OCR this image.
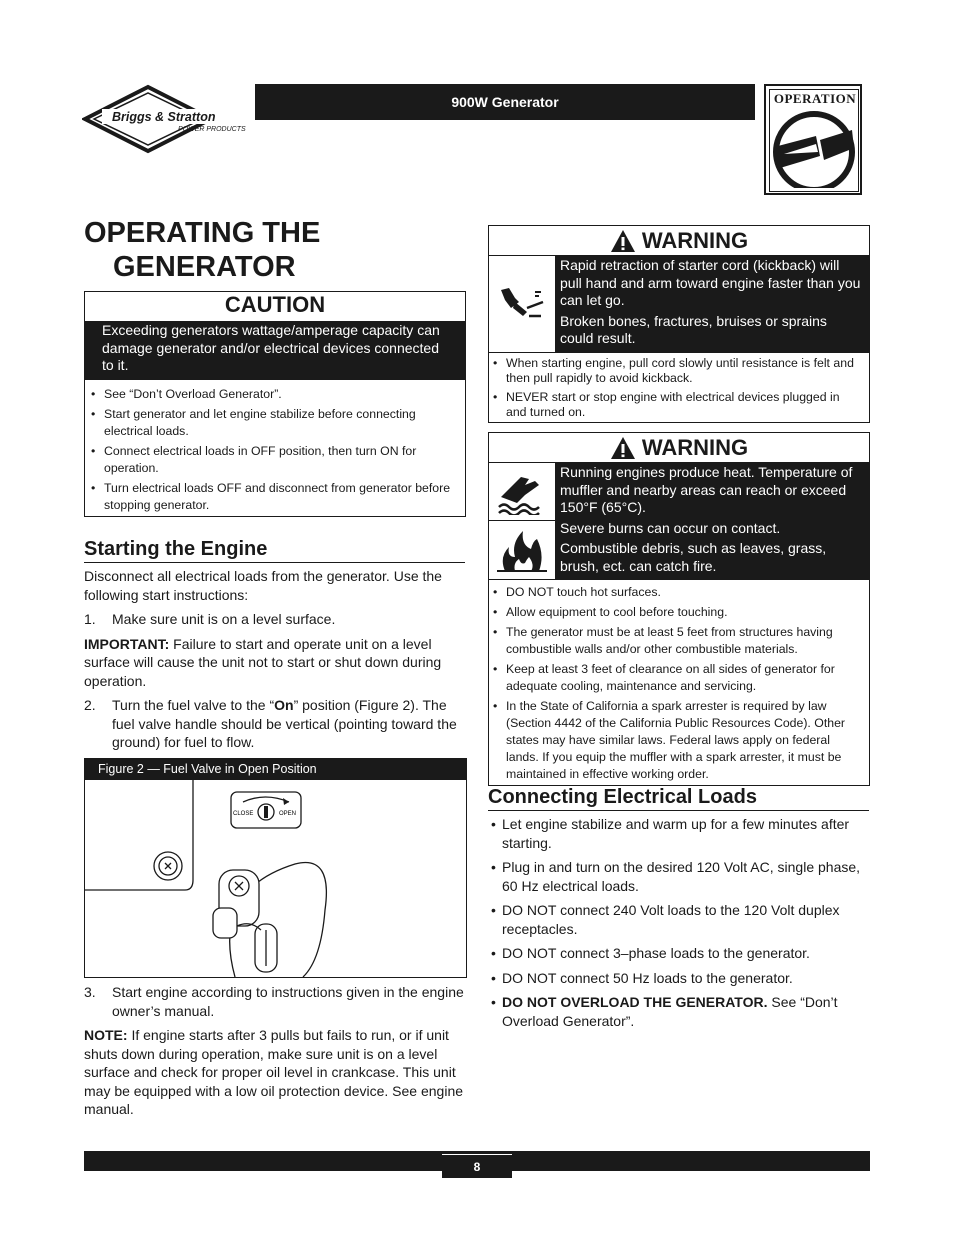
Briggs & Stratton
POWER PRODUCTS
900W Generator	OPERATION
OPERATING THE
GENERATOR
CAUTION
Exceeding generators wattage/amperage capacity can damage generator and/or electrical devices connected to it.
• See “Don’t Overload Generator”.
• Start generator and let engine stabilize before connecting electrical loads.
• Connect electrical loads in OFF position, then turn ON for operation.
• Turn electrical loads OFF and disconnect from generator before stopping generator.
Starting the Engine
Disconnect all electrical loads from the generator. Use the following start instructions:
1.	Make sure unit is on a level surface.
IMPORTANT: Failure to start and operate unit on a level surface will cause the unit not to start or shut down during operation.
2.	Turn the fuel valve to the “On” position (Figure 2). The fuel valve handle should be vertical (pointing toward the ground) for fuel to flow.
Figure 2 — Fuel Valve in Open Position
CLOSE	OPEN
3.	Start engine according to instructions given in the engine owner’s manual.
NOTE: If engine starts after 3 pulls but fails to run, or if unit shuts down during operation, make sure unit is on a level surface and check for proper oil level in crankcase. This unit may be equipped with a low oil protection device. See engine manual.
WARNING
Rapid retraction of starter cord (kickback) will pull hand and arm toward engine faster than you can let go.
Broken bones, fractures, bruises or sprains could result.
• When starting engine, pull cord slowly until resistance is felt and then pull rapidly to avoid kickback.
• NEVER start or stop engine with electrical devices plugged in and turned on.
WARNING
Running engines produce heat. Temperature of muffler and nearby areas can reach or exceed 150°F (65°C).
Severe burns can occur on contact.
Combustible debris, such as leaves, grass, brush, ect. can catch fire.
• DO NOT touch hot surfaces.
• Allow equipment to cool before touching.
• The generator must be at least 5 feet from structures having combustible walls and/or other combustible materials.
• Keep at least 3 feet of clearance on all sides of generator for adequate cooling, maintenance and servicing.
• In the State of California a spark arrester is required by law (Section 4442 of the California Public Resources Code). Other states may have similar laws. Federal laws apply on federal lands. If you equip the muffler with a spark arrester, it must be maintained in effective working order.
Connecting Electrical Loads
• Let engine stabilize and warm up for a few minutes after starting.
• Plug in and turn on the desired 120 Volt AC, single phase, 60 Hz electrical loads.
• DO NOT connect 240 Volt loads to the 120 Volt duplex receptacles.
• DO NOT connect 3–phase loads to the generator.
• DO NOT connect 50 Hz loads to the generator.
• DO NOT OVERLOAD THE GENERATOR. See “Don’t Overload Generator”.
8
